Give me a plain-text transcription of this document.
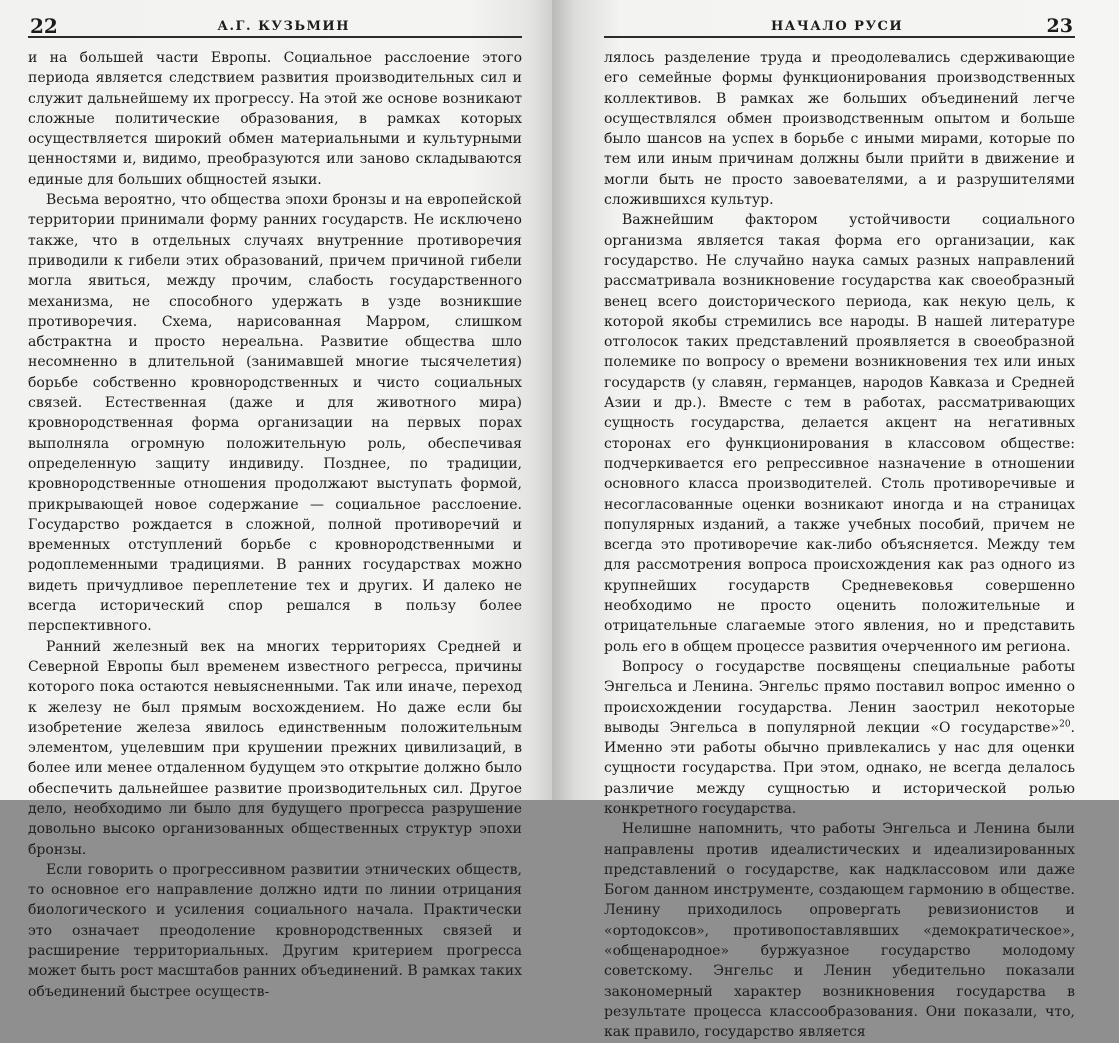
22	А.Г. КУЗЬМИН

и на большей части Европы. Социальное расслоение этого периода является следствием развития производительных сил и служит дальнейшему их прогрессу. На этой же основе возникают сложные политические образования, в рамках которых осуществляется широкий обмен материальными и культурными ценностями и, видимо, преобразуются или заново складываются единые для больших общностей языки.

Весьма вероятно, что общества эпохи бронзы и на европейской территории принимали форму ранних государств. Не исключено также, что в отдельных случаях внутренние противоречия приводили к гибели этих образований, причем причиной гибели могла явиться, между прочим, слабость государственного механизма, не способного удержать в узде возникшие противоречия. Схема, нарисованная Марром, слишком абстрактна и просто нереальна. Развитие общества шло несомненно в длительной (занимавшей многие тысячелетия) борьбе собственно кровнородственных и чисто социальных связей. Естественная (даже и для животного мира) кровнородственная форма организации на первых порах выполняла огромную положительную роль, обеспечивая определенную защиту индивиду. Позднее, по традиции, кровнородственные отношения продолжают выступать формой, прикрывающей новое содержание — социальное расслоение. Государство рождается в сложной, полной противоречий и временных отступлений борьбе с кровнородственными и родоплеменными традициями. В ранних государствах можно видеть причудливое переплетение тех и других. И далеко не всегда исторический спор решался в пользу более перспективного.

Ранний железный век на многих территориях Средней и Северной Европы был временем известного регресса, причины которого пока остаются невыясненными. Так или иначе, переход к железу не был прямым восхождением. Но даже если бы изобретение железа явилось единственным положительным элементом, уцелевшим при крушении прежних цивилизаций, в более или менее отдаленном будущем это открытие должно было обеспечить дальнейшее развитие производительных сил. Другое дело, необходимо ли было для будущего прогресса разрушение довольно высоко организованных общественных структур эпохи бронзы.

Если говорить о прогрессивном развитии этнических обществ, то основное его направление должно идти по линии отрицания биологического и усиления социального начала. Практически это означает преодоление кровнородственных связей и расширение территориальных. Другим критерием прогресса может быть рост масштабов ранних объединений. В рамках таких объединений быстрее осуществ-

НАЧАЛО РУСИ	23

лялось разделение труда и преодолевались сдерживающие его семейные формы функционирования производственных коллективов. В рамках же больших объединений легче осуществлялся обмен производственным опытом и больше было шансов на успех в борьбе с иными мирами, которые по тем или иным причинам должны были прийти в движение и могли быть не просто завоевателями, а и разрушителями сложившихся культур.

Важнейшим фактором устойчивости социального организма является такая форма его организации, как государство. Не случайно наука самых разных направлений рассматривала возникновение государства как своеобразный венец всего доисторического периода, как некую цель, к которой якобы стремились все народы. В нашей литературе отголосок таких представлений проявляется в своеобразной полемике по вопросу о времени возникновения тех или иных государств (у славян, германцев, народов Кавказа и Средней Азии и др.). Вместе с тем в работах, рассматривающих сущность государства, делается акцент на негативных сторонах его функционирования в классовом обществе: подчеркивается его репрессивное назначение в отношении основного класса производителей. Столь противоречивые и несогласованные оценки возникают иногда и на страницах популярных изданий, а также учебных пособий, причем не всегда это противоречие как-либо объясняется. Между тем для рассмотрения вопроса происхождения как раз одного из крупнейших государств Средневековья совершенно необходимо не просто оценить положительные и отрицательные слагаемые этого явления, но и представить роль его в общем процессе развития очерченного им региона.

Вопросу о государстве посвящены специальные работы Энгельса и Ленина. Энгельс прямо поставил вопрос именно о происхождении государства. Ленин заострил некоторые выводы Энгельса в популярной лекции «О государстве»$^{20}$. Именно эти работы обычно привлекались у нас для оценки сущности государства. При этом, однако, не всегда делалось различие между сущностью и исторической ролью конкретного государства.

Нелишне напомнить, что работы Энгельса и Ленина были направлены против идеалистических и идеализированных представлений о государстве, как надклассовом или даже Богом данном инструменте, создающем гармонию в обществе. Ленину приходилось опровергать ревизионистов и «ортодоксов», противопоставлявших «демократическое», «общенародное» буржуазное государство молодому советскому. Энгельс и Ленин убедительно показали закономерный характер возникновения государства в результате процесса классообразования. Они показали, что, как правило, государство является
